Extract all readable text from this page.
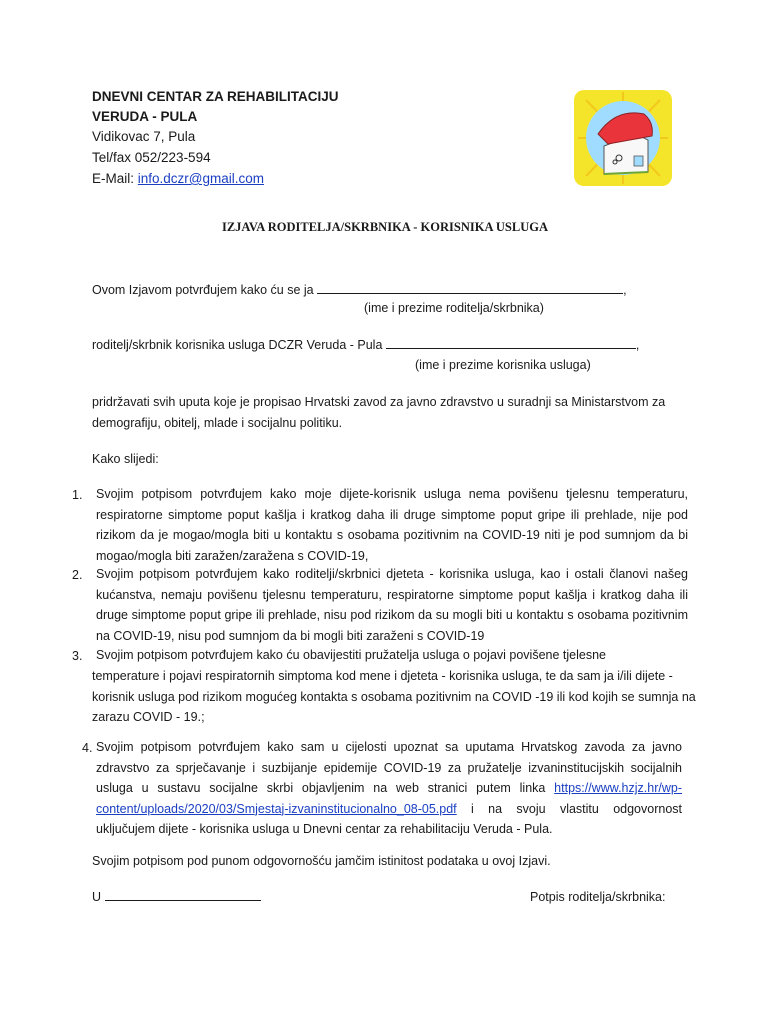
DNEVNI CENTAR ZA REHABILITACIJU
VERUDA - PULA
Vidikovac 7, Pula
Tel/fax 052/223-594
E-Mail: info.dczr@gmail.com
IZJAVA RODITELJA/SKRBNIKA - KORISNIKA USLUGA
Ovom Izjavom potvrđujem kako ću se ja	,
(ime i prezime roditelja/skrbnika)
roditelj/skrbnik korisnika usluga DCZR Veruda - Pula	,
(ime i prezime korisnika usluga)
pridržavati svih uputa koje je propisao Hrvatski zavod za javno zdravstvo u suradnji sa Ministarstvom za demografiju, obitelj, mlade i socijalnu politiku.
Kako slijedi:
1. Svojim potpisom potvrđujem kako moje dijete-korisnik usluga nema povišenu tjelesnu temperaturu, respiratorne simptome poput kašlja i kratkog daha ili druge simptome poput gripe ili prehlade, nije pod rizikom da je mogao/mogla biti u kontaktu s osobama pozitivnim na COVID-19 niti je pod sumnjom da bi mogao/mogla biti zaražen/zaražena s COVID-19,
2. Svojim potpisom potvrđujem kako roditelji/skrbnici djeteta - korisnika usluga, kao i ostali članovi našeg kućanstva, nemaju povišenu tjelesnu temperaturu, respiratorne simptome poput kašlja i kratkog daha ili druge simptome poput gripe ili prehlade, nisu pod rizikom da su mogli biti u kontaktu s osobama pozitivnim na COVID-19, nisu pod sumnjom da bi mogli biti zaraženi s COVID-19
3. Svojim potpisom potvrđujem kako ću obavijestiti pružatelja usluga o pojavi povišene tjelesne
temperature i pojavi respiratornih simptoma kod mene i djeteta - korisnika usluga, te da sam ja i/ili dijete - korisnik usluga pod rizikom mogućeg kontakta s osobama pozitivnim na COVID -19 ili kod kojih se sumnja na zarazu COVID - 19.;
4. Svojim potpisom potvrđujem kako sam u cijelosti upoznat sa uputama Hrvatskog zavoda za javno zdravstvo za sprječavanje i suzbijanje epidemije COVID-19 za pružatelje izvaninstitucijskih socijalnih usluga u sustavu socijalne skrbi objavljenim na web stranici putem linka https://www.hzjz.hr/wp-content/uploads/2020/03/Smjestaj-izvaninstitucionalno_08-05.pdf i na svoju vlastitu odgovornost uključujem dijete - korisnika usluga u Dnevni centar za rehabilitaciju Veruda - Pula.
Svojim potpisom pod punom odgovornošću jamčim istinitost podataka u ovoj Izjavi.
U	Potpis roditelja/skrbnika:
